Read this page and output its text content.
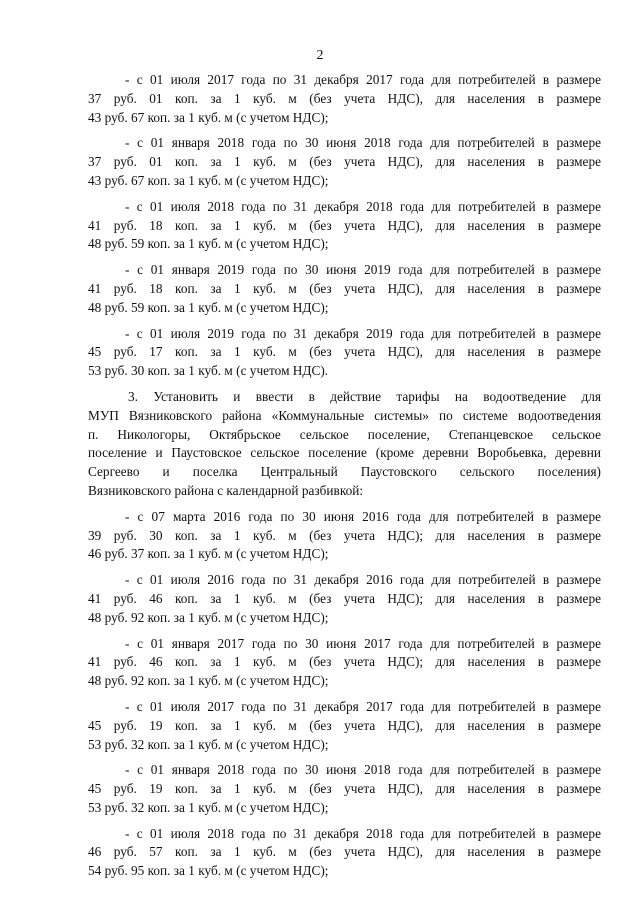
2
- с 01 июля 2017 года по 31 декабря 2017 года для потребителей в размере
37 руб. 01 коп. за 1 куб. м (без учета НДС), для населения в размере
43 руб. 67 коп. за 1 куб. м (с учетом НДС);
- с 01 января 2018 года по 30 июня 2018 года для потребителей в размере
37 руб. 01 коп. за 1 куб. м (без учета НДС), для населения в размере
43 руб. 67 коп. за 1 куб. м (с учетом НДС);
- с 01 июля 2018 года по 31 декабря 2018 года для потребителей в размере
41 руб. 18 коп. за 1 куб. м (без учета НДС), для населения в размере
48 руб. 59 коп. за 1 куб. м (с учетом НДС);
- с 01 января 2019 года по 30 июня 2019 года для потребителей в размере
41 руб. 18 коп. за 1 куб. м (без учета НДС), для населения в размере
48 руб. 59 коп. за 1 куб. м (с учетом НДС);
- с 01 июля 2019 года по 31 декабря 2019 года для потребителей в размере
45 руб. 17 коп. за 1 куб. м (без учета НДС), для населения в размере
53 руб. 30 коп. за 1 куб. м (с учетом НДС).
3. Установить и ввести в действие тарифы на водоотведение для
МУП Вязниковского района «Коммунальные системы» по системе водоотведения
п. Никологоры, Октябрьское сельское поселение, Степанцевское сельское
поселение и Паустовское сельское поселение (кроме деревни Воробьевка, деревни
Сергеево и поселка Центральный Паустовского сельского поселения)
Вязниковского района с календарной разбивкой:
- с 07 марта 2016 года по 30 июня 2016 года для потребителей в размере
39 руб. 30 коп. за 1 куб. м (без учета НДС); для населения в размере
46 руб. 37 коп. за 1 куб. м (с учетом НДС);
- с 01 июля 2016 года по 31 декабря 2016 года для потребителей в размере
41 руб. 46 коп. за 1 куб. м (без учета НДС); для населения в размере
48 руб. 92 коп. за 1 куб. м (с учетом НДС);
- с 01 января 2017 года по 30 июня 2017 года для потребителей в размере
41 руб. 46 коп. за 1 куб. м (без учета НДС); для населения в размере
48 руб. 92 коп. за 1 куб. м (с учетом НДС);
- с 01 июля 2017 года по 31 декабря 2017 года для потребителей в размере
45 руб. 19 коп. за 1 куб. м (без учета НДС), для населения в размере
53 руб. 32 коп. за 1 куб. м (с учетом НДС);
- с 01 января 2018 года по 30 июня 2018 года для потребителей в размере
45 руб. 19 коп. за 1 куб. м (без учета НДС), для населения в размере
53 руб. 32 коп. за 1 куб. м (с учетом НДС);
- с 01 июля 2018 года по 31 декабря 2018 года для потребителей в размере
46 руб. 57 коп. за 1 куб. м (без учета НДС), для населения в размере
54 руб. 95 коп. за 1 куб. м (с учетом НДС);
